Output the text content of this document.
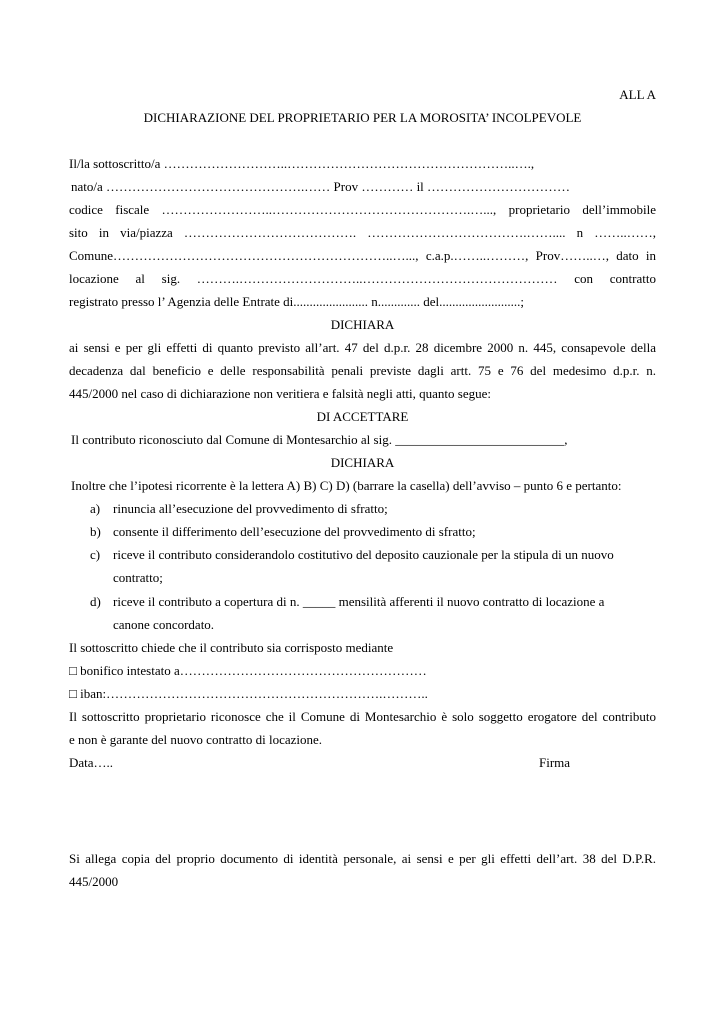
ALL A
DICHIARAZIONE DEL PROPRIETARIO PER LA MOROSITA’ INCOLPEVOLE
Il/la sottoscritto/a ………………………..……………………………………………..….,
nato/a ……………………………………….…… Prov ………… il ……………………………
codice fiscale ……………………..……………………………………….…..., proprietario dell’immobile
sito in via/piazza …………………………………. ……………………………….…….... n ……..……,
Comune………………………………………………………..…..., c.a.p.……..………, Prov……..…, dato in
locazione al sig. ……….………………………..……………………………………… con contratto
registrato presso l’ Agenzia delle Entrate di....................... n............. del.........................;
DICHIARA
ai sensi e per gli effetti di quanto previsto all’art. 47 del d.p.r. 28 dicembre 2000 n. 445, consapevole della
decadenza dal beneficio e delle responsabilità penali previste dagli artt. 75 e 76 del medesimo d.p.r. n.
445/2000 nel caso di dichiarazione non veritiera e falsità negli atti, quanto segue:
DI ACCETTARE
Il contributo riconosciuto dal Comune di Montesarchio al sig. __________________________,
DICHIARA
Inoltre che l’ipotesi ricorrente è la lettera A) B) C) D) (barrare la casella) dell’avviso – punto 6 e pertanto:
a) rinuncia all’esecuzione del provvedimento di sfratto;
b) consente il differimento dell’esecuzione del provvedimento di sfratto;
c) riceve il contributo considerandolo costitutivo del deposito cauzionale per la stipula di un nuovo
contratto;
d) riceve il contributo a copertura di n. _____ mensilità afferenti il nuovo contratto di locazione a
canone concordato.
Il sottoscritto chiede che il contributo sia corrisposto mediante
□ bonifico intestato a…………………………………………………
□ iban:……………………………………………………….………..
Il sottoscritto proprietario riconosce che il Comune di Montesarchio è solo soggetto erogatore del contributo
e non è garante del nuovo contratto di locazione.
Data…..	Firma
Si allega copia del proprio documento di identità personale, ai sensi e per gli effetti dell’art. 38 del D.P.R.
445/2000
